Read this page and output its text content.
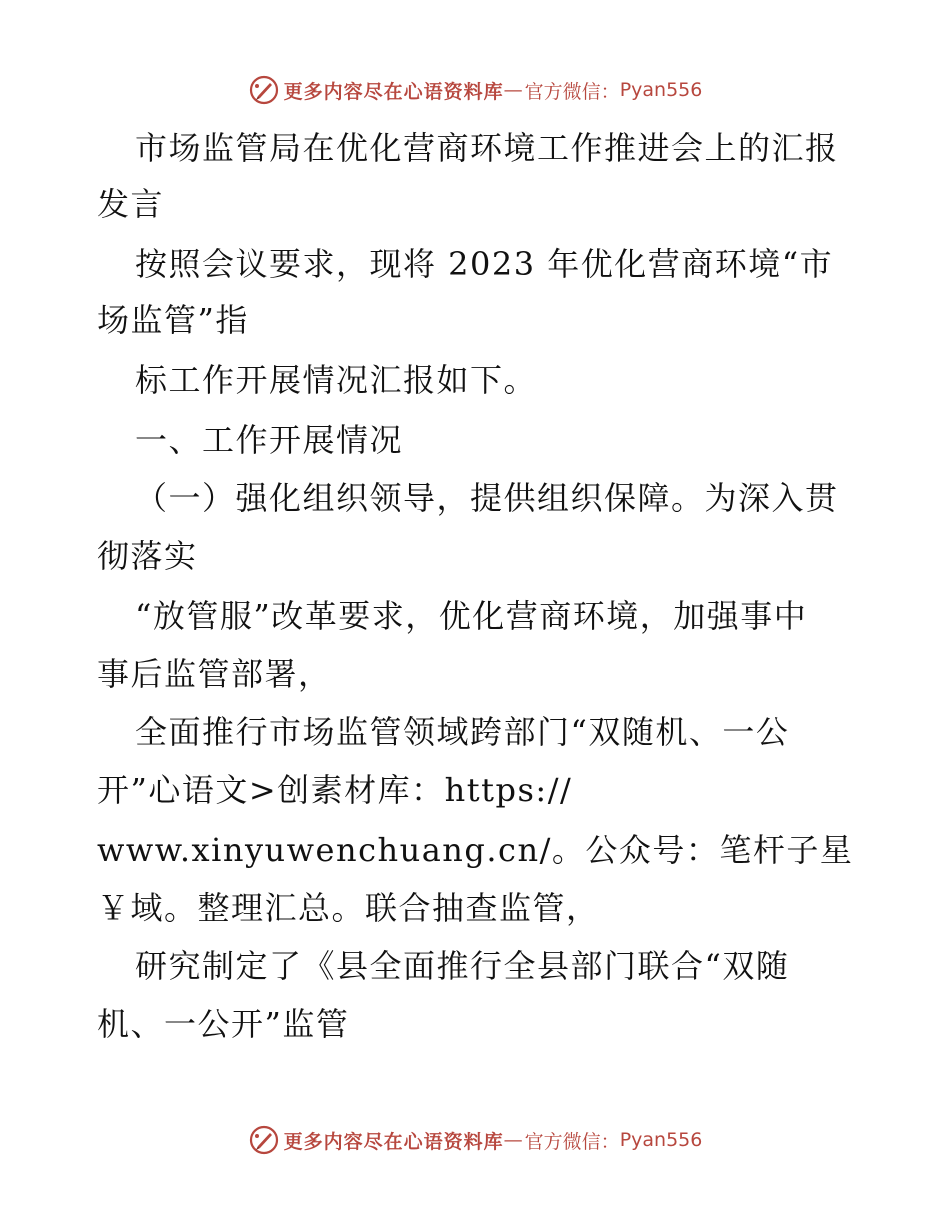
更多内容尽在心语资料库 — 官方微信： Pyan556
市场监管局在优化营商环境工作推进会上的汇报
发言
按照会议要求，现将 2023 年优化营商环境“市
场监管”指
标工作开展情况汇报如下。
一、工作开展情况
（一）强化组织领导，提供组织保障。为深入贯
彻落实
“放管服”改革要求，优化营商环境，加强事中
事后监管部署，
全面推行市场监管领域跨部门“双随机、一公
开”心语文>创素材库：https://
www.xinyuwenchuang.cn/。公众号：笔杆子星
￥域。整理汇总。联合抽查监管，
研究制定了《县全面推行全县部门联合“双随
机、一公开”监管
更多内容尽在心语资料库 — 官方微信： Pyan556
